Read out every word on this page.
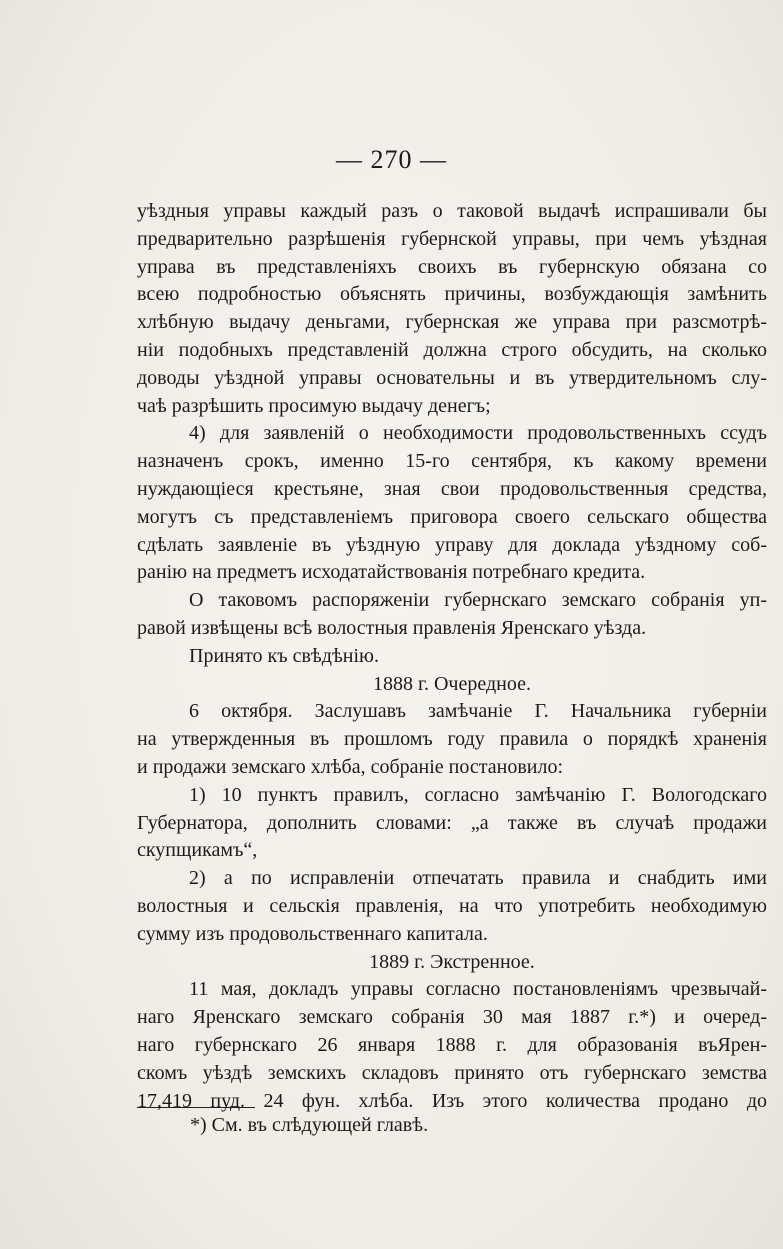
— 270 —
уѣздныя управы каждый разъ о таковой выдачѣ испрашивали бы
предварительно разрѣшенія губернской управы, при чемъ уѣздная
управа въ представленіяхъ своихъ въ губернскую обязана со
всею подробностью объяснять причины, возбуждающія замѣнить
хлѣбную выдачу деньгами, губернская же управа при разсмотрѣ-
ніи подобныхъ представленій должна строго обсудить, на сколько
доводы уѣздной управы основательны и въ утвердительномъ слу-
чаѣ разрѣшить просимую выдачу денегъ;
4) для заявленій о необходимости продовольственныхъ ссудъ
назначенъ срокъ, именно 15-го сентября, къ какому времени
нуждающіеся крестьяне, зная свои продовольственныя средства,
могутъ съ представленіемъ приговора своего сельскаго общества
сдѣлать заявленіе въ уѣздную управу для доклада уѣздному соб-
ранію на предметъ исходатайствованія потребнаго кредита.
О таковомъ распоряженіи губернскаго земскаго собранія уп-
равой извѣщены всѣ волостныя правленія Яренскаго уѣзда.
Принято къ свѣдѣнію.
1888 г. Очередное.
6 октября. Заслушавъ замѣчаніе Г. Начальника губерніи
на утвержденныя въ прошломъ году правила о порядкѣ храненія
и продажи земскаго хлѣба, собраніе постановило:
1) 10 пунктъ правилъ, согласно замѣчанію Г. Вологодскаго
Губернатора, дополнить словами: „а также въ случаѣ продажи
скупщикамъ“,
2) а по исправленіи отпечатать правила и снабдить ими
волостныя и сельскія правленія, на что употребить необходимую
сумму изъ продовольственнаго капитала.
1889 г. Экстренное.
11 мая, докладъ управы согласно постановленіямъ чрезвычай-
наго Яренскаго земскаго собранія 30 мая 1887 г.*) и очеред-
наго губернскаго 26 января 1888 г. для образованія въЯрен-
скомъ уѣздѣ земскихъ складовъ принято отъ губернскаго земства
17,419 пуд. 24 фун. хлѣба. Изъ этого количества продано до
*) См. въ слѣдующей главѣ.
